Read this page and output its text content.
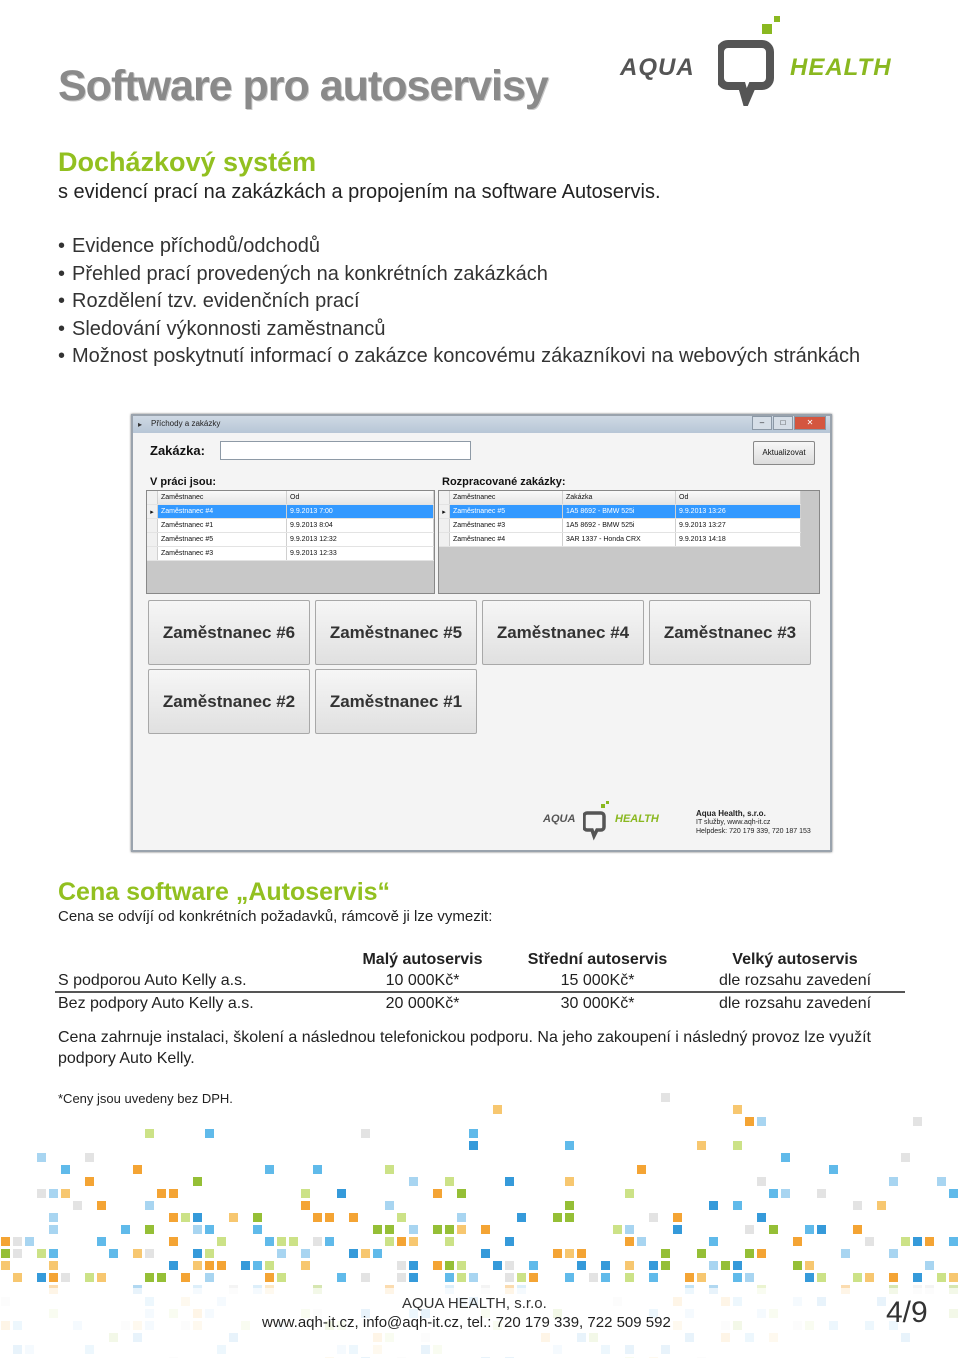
Software pro autoservisy	AQUA	HEALTH
Docházkový systém
s evidencí prací na zakázkách a propojením na software Autoservis.
• Evidence příchodů/odchodů
• Přehled prací provedených na konkrétních zakázkách
• Rozdělení tzv. evidenčních prací
• Sledování výkonnosti zaměstnanců
• Možnost poskytnutí informací o zakázce koncovému zákazníkovi na webových stránkách
▸ Příchody a zakázky	–	□	✕
Zakázka:	Aktualizovat
V práci jsou:
	Zaměstnanec	Od
▸	Zaměstnanec #4	9.9.2013 7:00
	Zaměstnanec #1	9.9.2013 8:04
	Zaměstnanec #5	9.9.2013 12:32
	Zaměstnanec #3	9.9.2013 12:33
Rozpracované zakázky:
	Zaměstnanec	Zakázka	Od
▸	Zaměstnanec #5	1A5 8692 - BMW 525i	9.9.2013 13:26
	Zaměstnanec #3	1A5 8692 - BMW 525i	9.9.2013 13:27
	Zaměstnanec #4	3AR 1337 - Honda CRX	9.9.2013 14:18
Zaměstnanec #6	Zaměstnanec #5	Zaměstnanec #4	Zaměstnanec #3
Zaměstnanec #2	Zaměstnanec #1
AQUA	HEALTH	Aqua Health, s.r.o.
IT služby, www.aqh-it.cz
Helpdesk: 720 179 339, 720 187 153
Cena software „Autoservis“
Cena se odvíjí od konkrétních požadavků, rámcově ji lze vymezit:
	Malý autoservis	Střední autoservis	Velký autoservis
S podporou Auto Kelly a.s.	10 000Kč*	15 000Kč*	dle rozsahu zavedení
Bez podpory Auto Kelly a.s.	20 000Kč*	30 000Kč*	dle rozsahu zavedení
Cena zahrnuje instalaci, školení a následnou telefonickou podporu. Na jeho zakoupení i následný provoz lze využít podpory Auto Kelly.
*Ceny jsou uvedeny bez DPH.
AQUA HEALTH, s.r.o.
www.aqh-it.cz, info@aqh-it.cz, tel.: 720 179 339, 722 509 592	4/9
